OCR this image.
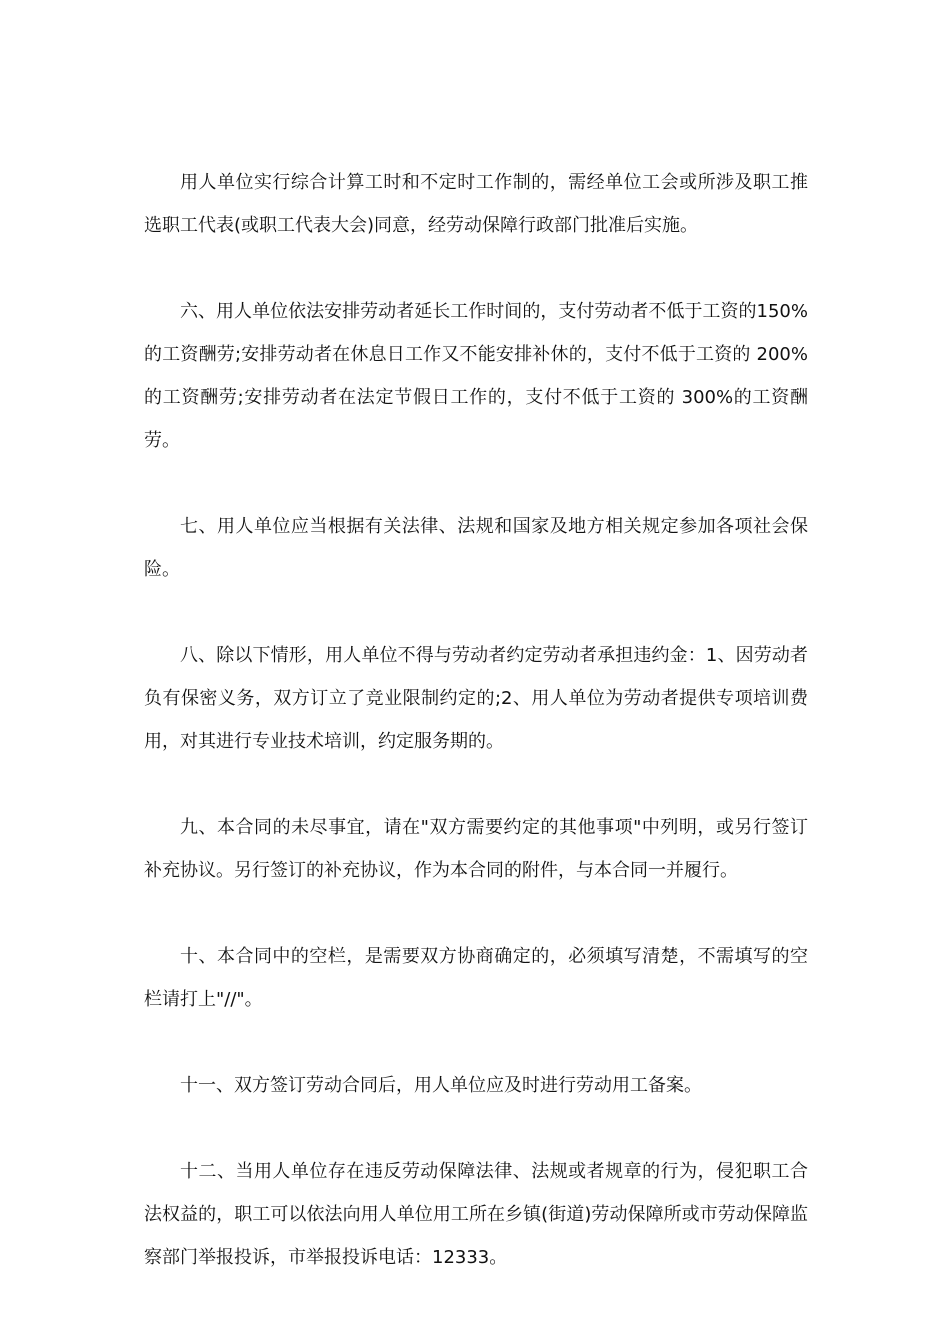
用人单位实行综合计算工时和不定时工作制的，需经单位工会或所涉及职工推选职工代表(或职工代表大会)同意，经劳动保障行政部门批准后实施。

六、用人单位依法安排劳动者延长工作时间的，支付劳动者不低于工资的150%的工资酬劳;安排劳动者在休息日工作又不能安排补休的，支付不低于工资的 200%的工资酬劳;安排劳动者在法定节假日工作的，支付不低于工资的 300%的工资酬劳。

七、用人单位应当根据有关法律、法规和国家及地方相关规定参加各项社会保险。

八、除以下情形，用人单位不得与劳动者约定劳动者承担违约金：1、因劳动者负有保密义务，双方订立了竞业限制约定的;2、用人单位为劳动者提供专项培训费用，对其进行专业技术培训，约定服务期的。

九、本合同的未尽事宜，请在"双方需要约定的其他事项"中列明，或另行签订补充协议。另行签订的补充协议，作为本合同的附件，与本合同一并履行。

十、本合同中的空栏，是需要双方协商确定的，必须填写清楚，不需填写的空栏请打上"//"。

十一、双方签订劳动合同后，用人单位应及时进行劳动用工备案。

十二、当用人单位存在违反劳动保障法律、法规或者规章的行为，侵犯职工合法权益的，职工可以依法向用人单位用工所在乡镇(街道)劳动保障所或市劳动保障监察部门举报投诉，市举报投诉电话：12333。
